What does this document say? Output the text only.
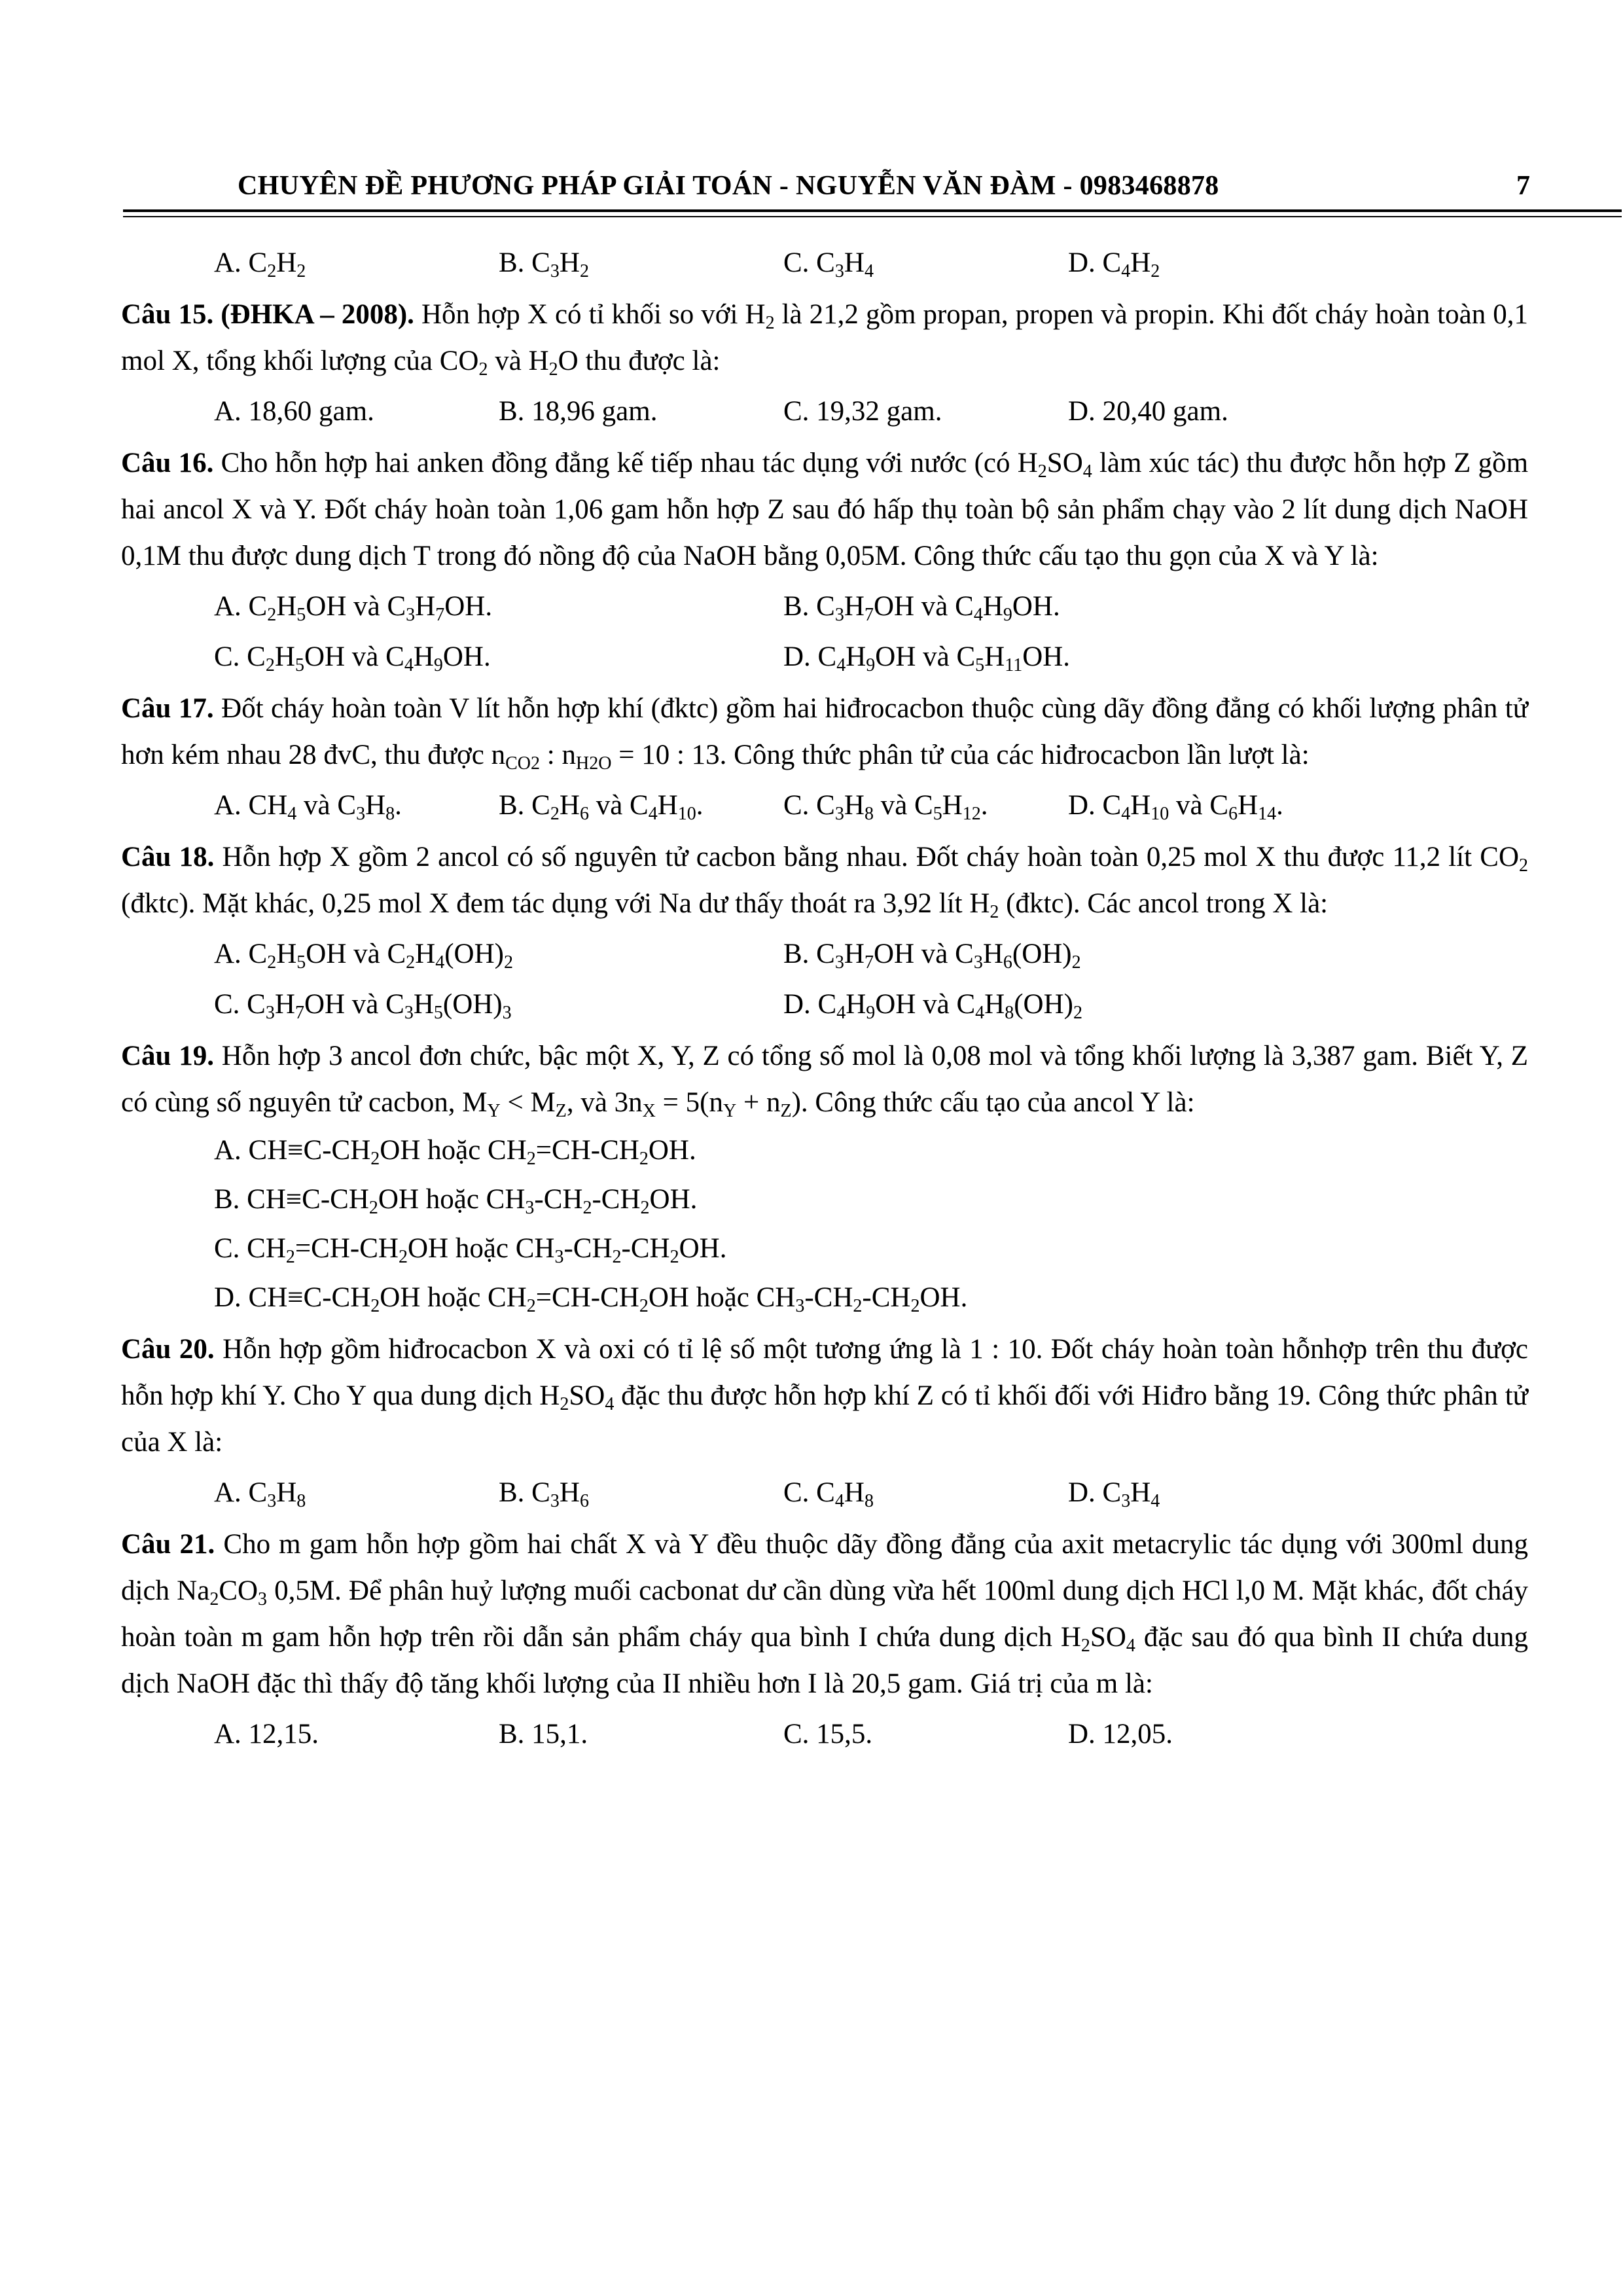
CHUYÊN ĐỀ PHƯƠNG PHÁP GIẢI TOÁN - NGUYỄN VĂN ĐÀM - 0983468878	7
A. $C_2H_2$	B. $C_3H_2$	C. $C_3H_4$	D. $C_4H_2$

Câu 15. (ĐHKA – 2008). Hỗn hợp X có tỉ khối so với $H_2$ là 21,2 gồm propan, propen và propin. Khi đốt cháy hoàn toàn 0,1 mol X, tổng khối lượng của $CO_2$ và $H_2O$ thu được là:

A. 18,60 gam.	B. 18,96 gam.	C. 19,32 gam.	D. 20,40 gam.

Câu 16. Cho hỗn hợp hai anken đồng đẳng kế tiếp nhau tác dụng với nước (có $H_2SO_4$ làm xúc tác) thu được hỗn hợp Z gồm hai ancol X và Y. Đốt cháy hoàn toàn 1,06 gam hỗn hợp Z sau đó hấp thụ toàn bộ sản phẩm chạy vào 2 lít dung dịch NaOH 0,1M thu được dung dịch T trong đó nồng độ của NaOH bằng 0,05M. Công thức cấu tạo thu gọn của X và Y là:

A. $C_2H_5OH$ và $C_3H_7OH$.	B. $C_3H_7OH$ và $C_4H_9OH$.
C. $C_2H_5OH$ và $C_4H_9OH$.	D. $C_4H_9OH$ và $C_5H_{11}OH$.

Câu 17. Đốt cháy hoàn toàn V lít hỗn hợp khí (đktc) gồm hai hiđrocacbon thuộc cùng dãy đồng đẳng có khối lượng phân tử hơn kém nhau 28 đvC, thu được $n_{CO2}$ : $n_{H2O} = 10$ : 13. Công thức phân tử của các hiđrocacbon lần lượt là:

A. $CH_4$ và $C_3H_8$.	B. $C_2H_6$ và $C_4H_{10}$.	C. $C_3H_8$ và $C_5H_{12}$.	D. $C_4H_{10}$ và $C_6H_{14}$.

Câu 18. Hỗn hợp X gồm 2 ancol có số nguyên tử cacbon bằng nhau. Đốt cháy hoàn toàn 0,25 mol X thu được 11,2 lít $CO_2$ (đktc). Mặt khác, 0,25 mol X đem tác dụng với Na dư thấy thoát ra 3,92 lít $H_2$ (đktc). Các ancol trong X là:

A. $C_2H_5OH$ và $C_2H_4(OH)_2$	B. $C_3H_7OH$ và $C_3H_6(OH)_2$
C. $C_3H_7OH$ và $C_3H_5(OH)_3$	D. $C_4H_9OH$ và $C_4H_8(OH)_2$

Câu 19. Hỗn hợp 3 ancol đơn chức, bậc một X, Y, Z có tổng số mol là 0,08 mol và tổng khối lượng là 3,387 gam. Biết Y, Z có cùng số nguyên tử cacbon, $M_Y < M_Z$, và $3n_X = 5(n_Y + n_Z)$. Công thức cấu tạo của ancol Y là:

A. $CH\equiv C-CH_2OH$ hoặc $CH_2=CH-CH_2OH$.

B. $CH\equiv C-CH_2OH$ hoặc $CH_3-CH_2-CH_2OH$.

C. $CH_2=CH-CH_2OH$ hoặc $CH_3-CH_2-CH_2OH$.

D. $CH\equiv C-CH_2OH$ hoặc $CH_2=CH-CH_2OH$ hoặc $CH_3-CH_2-CH_2OH$.

Câu 20. Hỗn hợp gồm hiđrocacbon X và oxi có tỉ lệ số một tương ứng là 1 : 10. Đốt cháy hoàn toàn hỗnhợp trên thu được hỗn hợp khí Y. Cho Y qua dung dịch $H_2SO_4$ đặc thu được hỗn hợp khí Z có tỉ khối đối với Hiđro bằng 19. Công thức phân tử của X là:

A. $C_3H_8$	B. $C_3H_6$	C. $C_4H_8$	D. $C_3H_4$

Câu 21. Cho m gam hỗn hợp gồm hai chất X và Y đều thuộc dãy đồng đẳng của axit metacrylic tác dụng với 300ml dung dịch $Na_2CO_3$ 0,5M. Để phân huỷ lượng muối cacbonat dư cần dùng vừa hết 100ml dung dịch HCl l,0 M. Mặt khác, đốt cháy hoàn toàn m gam hỗn hợp trên rồi dẫn sản phẩm cháy qua bình I chứa dung dịch $H_2SO_4$ đặc sau đó qua bình II chứa dung dịch NaOH đặc thì thấy độ tăng khối lượng của II nhiều hơn I là 20,5 gam. Giá trị của m là:

A. 12,15.	B. 15,1.	C. 15,5.	D. 12,05.
